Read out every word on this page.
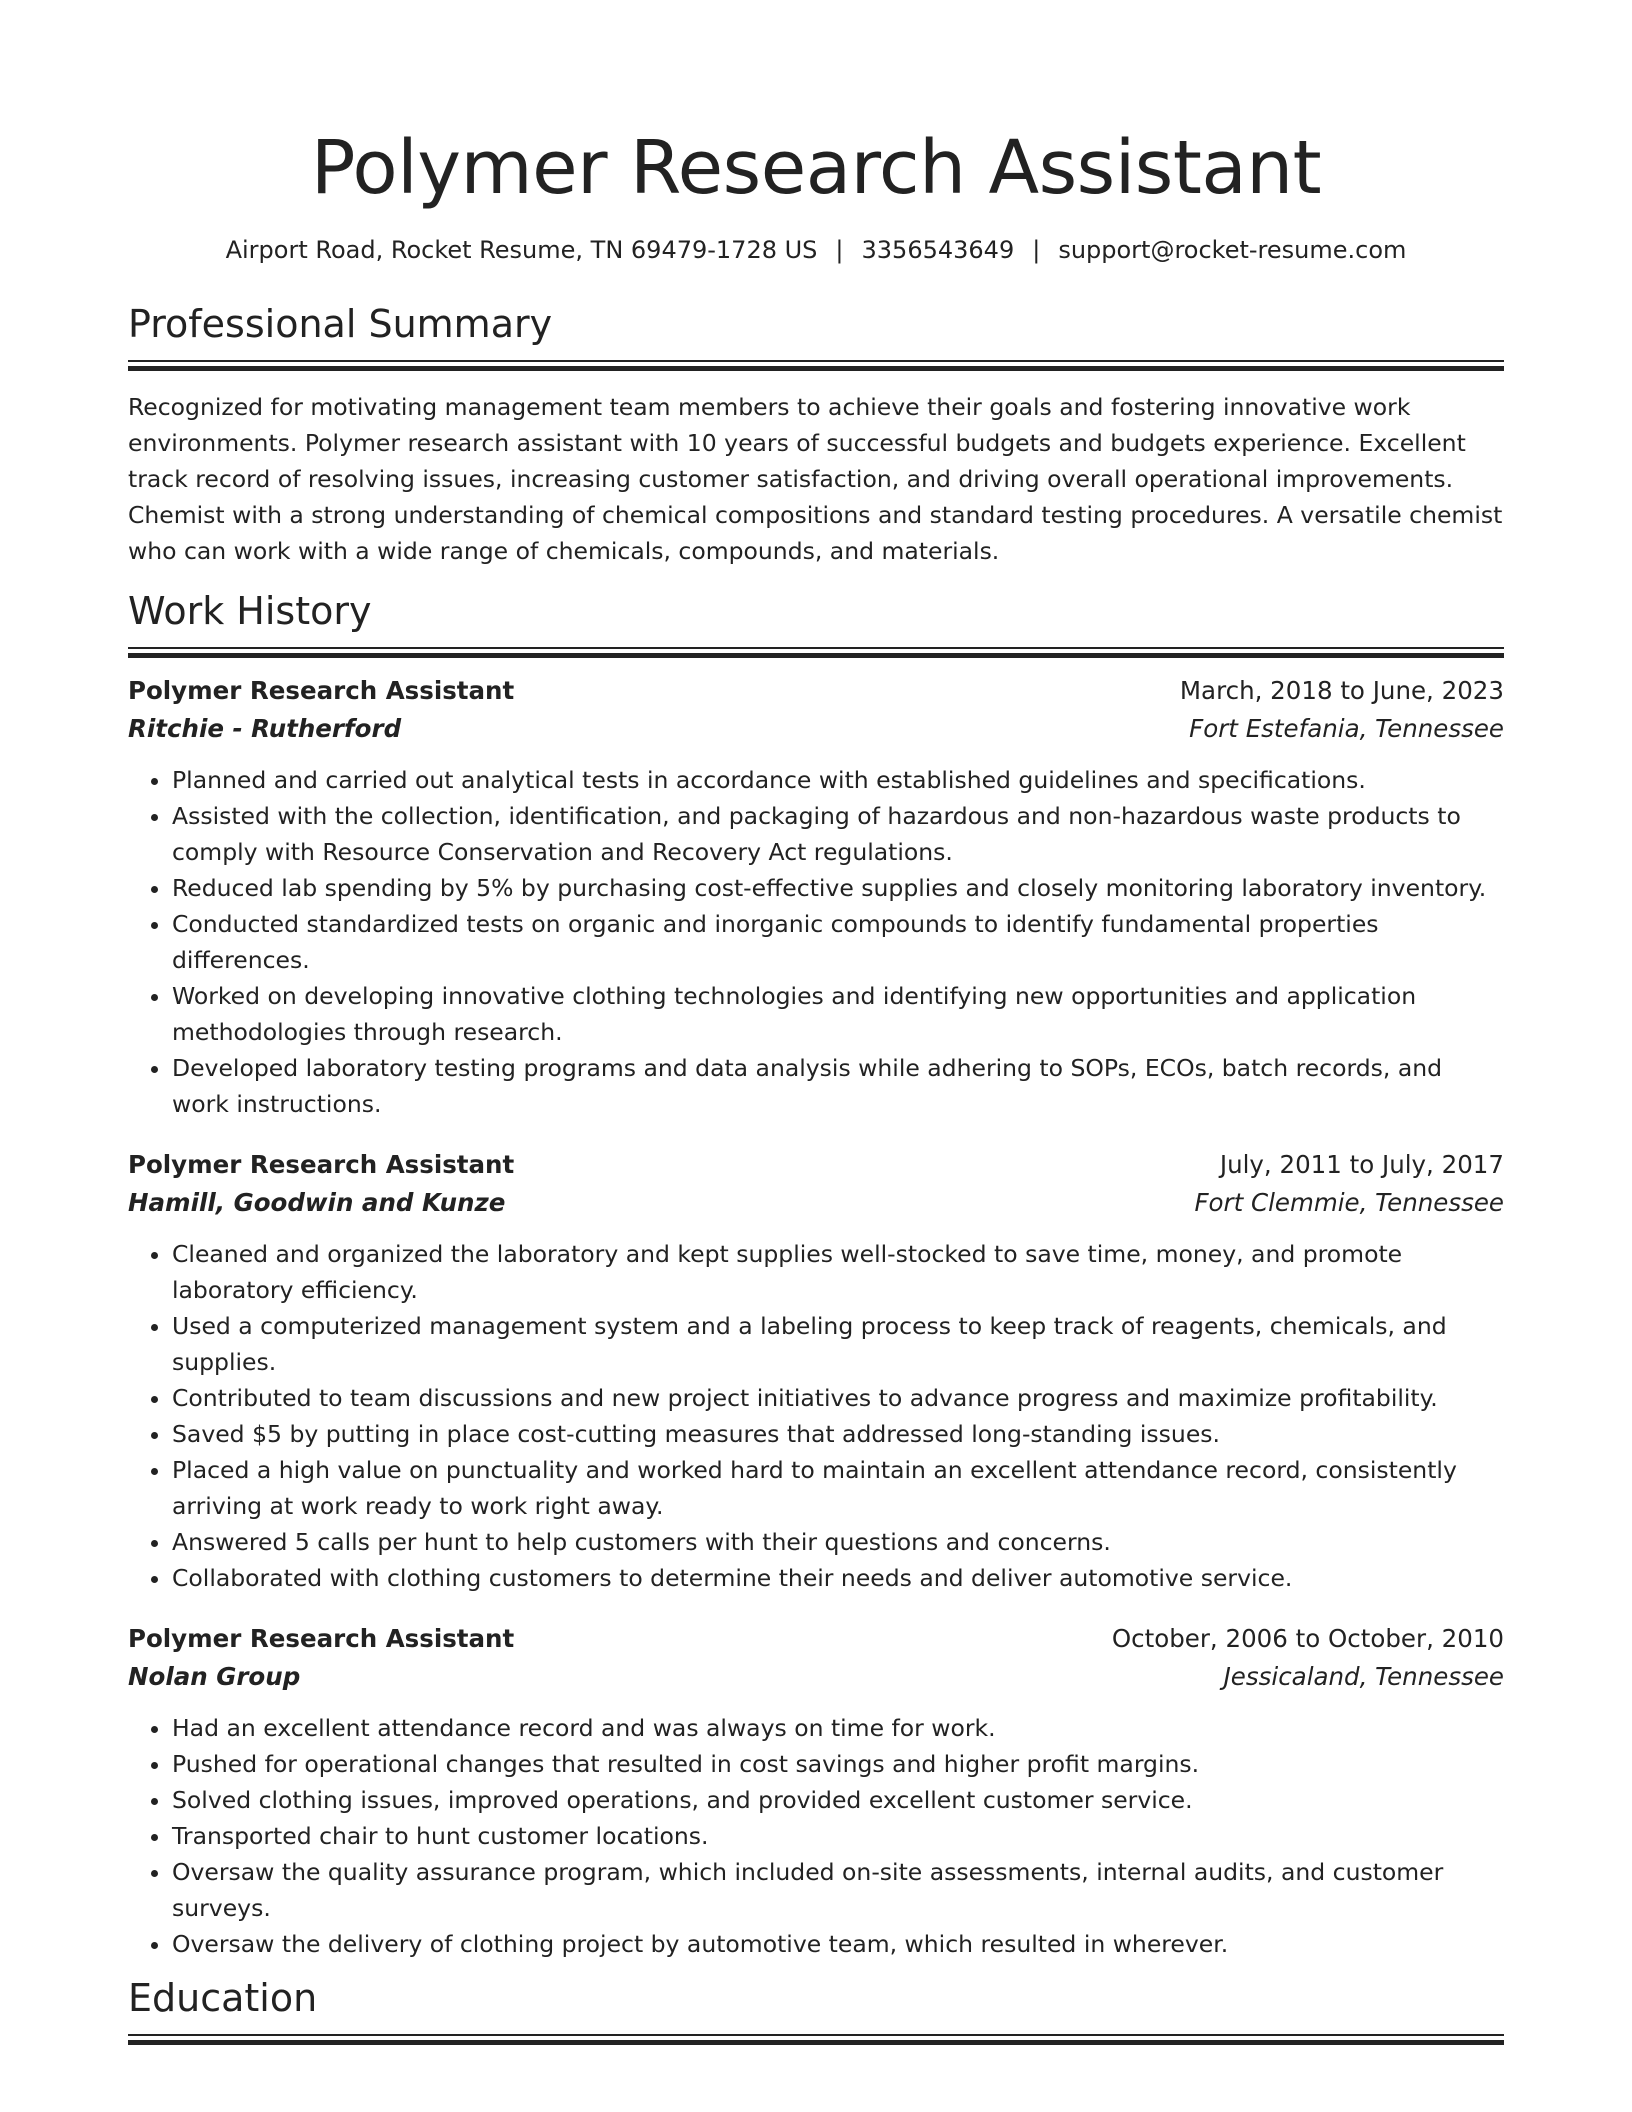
Polymer Research Assistant
Airport Road, Rocket Resume, TN 69479-1728 US | 3356543649 | support@rocket-resume.com
Professional Summary

Recognized for motivating management team members to achieve their goals and fostering innovative work environments. Polymer research assistant with 10 years of successful budgets and budgets experience. Excellent track record of resolving issues, increasing customer satisfaction, and driving overall operational improvements. Chemist with a strong understanding of chemical compositions and standard testing procedures. A versatile chemist who can work with a wide range of chemicals, compounds, and materials.

Work History
Polymer Research Assistant	March, 2018 to June, 2023
Ritchie - Rutherford	Fort Estefania, Tennessee
• Planned and carried out analytical tests in accordance with established guidelines and specifications.
• Assisted with the collection, identification, and packaging of hazardous and non-hazardous waste products to comply with Resource Conservation and Recovery Act regulations.
• Reduced lab spending by 5% by purchasing cost-effective supplies and closely monitoring laboratory inventory.
• Conducted standardized tests on organic and inorganic compounds to identify fundamental properties differences.
• Worked on developing innovative clothing technologies and identifying new opportunities and application methodologies through research.
• Developed laboratory testing programs and data analysis while adhering to SOPs, ECOs, batch records, and work instructions.
Polymer Research Assistant	July, 2011 to July, 2017
Hamill, Goodwin and Kunze	Fort Clemmie, Tennessee
• Cleaned and organized the laboratory and kept supplies well-stocked to save time, money, and promote laboratory efficiency.
• Used a computerized management system and a labeling process to keep track of reagents, chemicals, and supplies.
• Contributed to team discussions and new project initiatives to advance progress and maximize profitability.
• Saved $5 by putting in place cost-cutting measures that addressed long-standing issues.
• Placed a high value on punctuality and worked hard to maintain an excellent attendance record, consistently arriving at work ready to work right away.
• Answered 5 calls per hunt to help customers with their questions and concerns.
• Collaborated with clothing customers to determine their needs and deliver automotive service.
Polymer Research Assistant	October, 2006 to October, 2010
Nolan Group	Jessicaland, Tennessee
• Had an excellent attendance record and was always on time for work.
• Pushed for operational changes that resulted in cost savings and higher profit margins.
• Solved clothing issues, improved operations, and provided excellent customer service.
• Transported chair to hunt customer locations.
• Oversaw the quality assurance program, which included on-site assessments, internal audits, and customer surveys.
• Oversaw the delivery of clothing project by automotive team, which resulted in wherever.
Education
